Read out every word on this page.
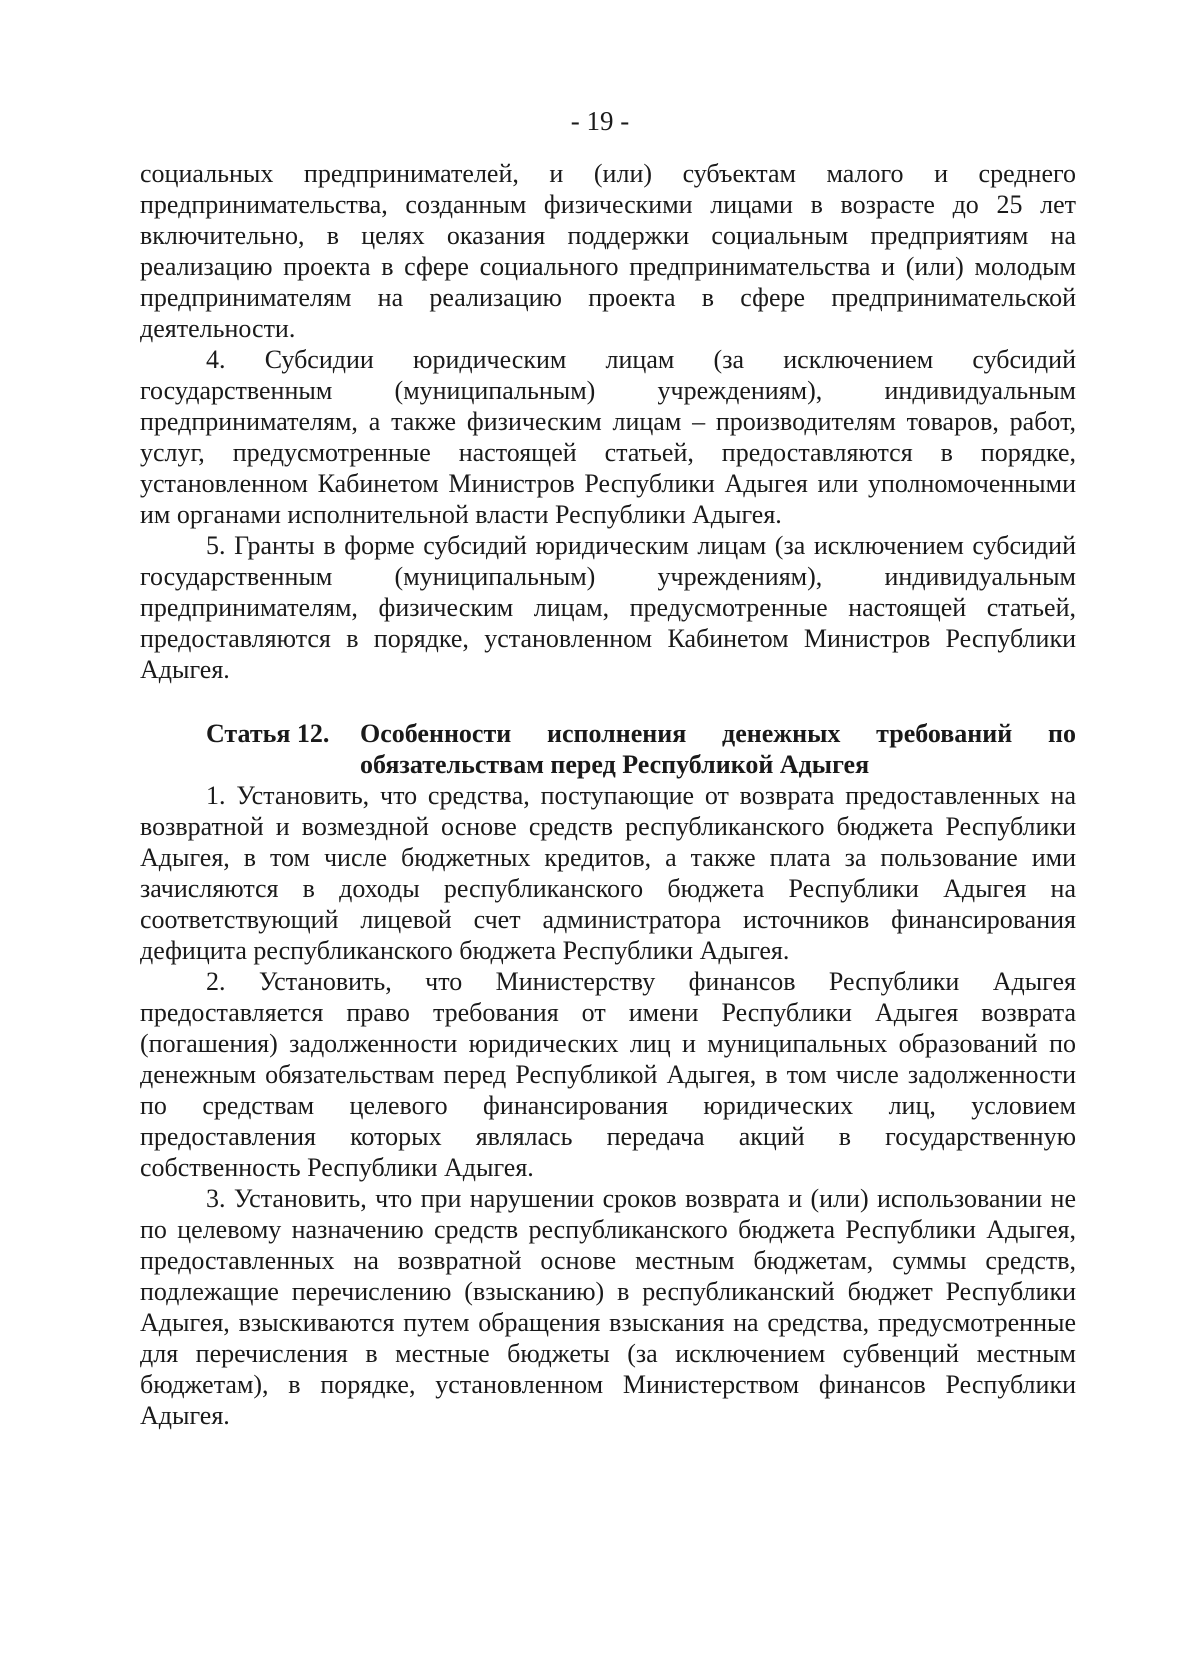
- 19 -

социальных предпринимателей, и (или) субъектам малого и среднего предпринимательства, созданным физическими лицами в возрасте до 25 лет включительно, в целях оказания поддержки социальным предприятиям на реализацию проекта в сфере социального предпринимательства и (или) молодым предпринимателям на реализацию проекта в сфере предпринимательской деятельности.

4. Субсидии юридическим лицам (за исключением субсидий государственным (муниципальным) учреждениям), индивидуальным предпринимателям, а также физическим лицам – производителям товаров, работ, услуг, предусмотренные настоящей статьей, предоставляются в порядке, установленном Кабинетом Министров Республики Адыгея или уполномоченными им органами исполнительной власти Республики Адыгея.

5. Гранты в форме субсидий юридическим лицам (за исключением субсидий государственным (муниципальным) учреждениям), индивидуальным предпринимателям, физическим лицам, предусмотренные настоящей статьей, предоставляются в порядке, установленном Кабинетом Министров Республики Адыгея.

Статья 12.	Особенности исполнения денежных требований по обязательствам перед Республикой Адыгея

1. Установить, что средства, поступающие от возврата предоставленных на возвратной и возмездной основе средств республиканского бюджета Республики Адыгея, в том числе бюджетных кредитов, а также плата за пользование ими зачисляются в доходы республиканского бюджета Республики Адыгея на соответствующий лицевой счет администратора источников финансирования дефицита республиканского бюджета Республики Адыгея.

2. Установить, что Министерству финансов Республики Адыгея предоставляется право требования от имени Республики Адыгея возврата (погашения) задолженности юридических лиц и муниципальных образований по денежным обязательствам перед Республикой Адыгея, в том числе задолженности по средствам целевого финансирования юридических лиц, условием предоставления которых являлась передача акций в государственную собственность Республики Адыгея.

3. Установить, что при нарушении сроков возврата и (или) использовании не по целевому назначению средств республиканского бюджета Республики Адыгея, предоставленных на возвратной основе местным бюджетам, суммы средств, подлежащие перечислению (взысканию) в республиканский бюджет Республики Адыгея, взыскиваются путем обращения взыскания на средства, предусмотренные для перечисления в местные бюджеты (за исключением субвенций местным бюджетам), в порядке, установленном Министерством финансов Республики Адыгея.
